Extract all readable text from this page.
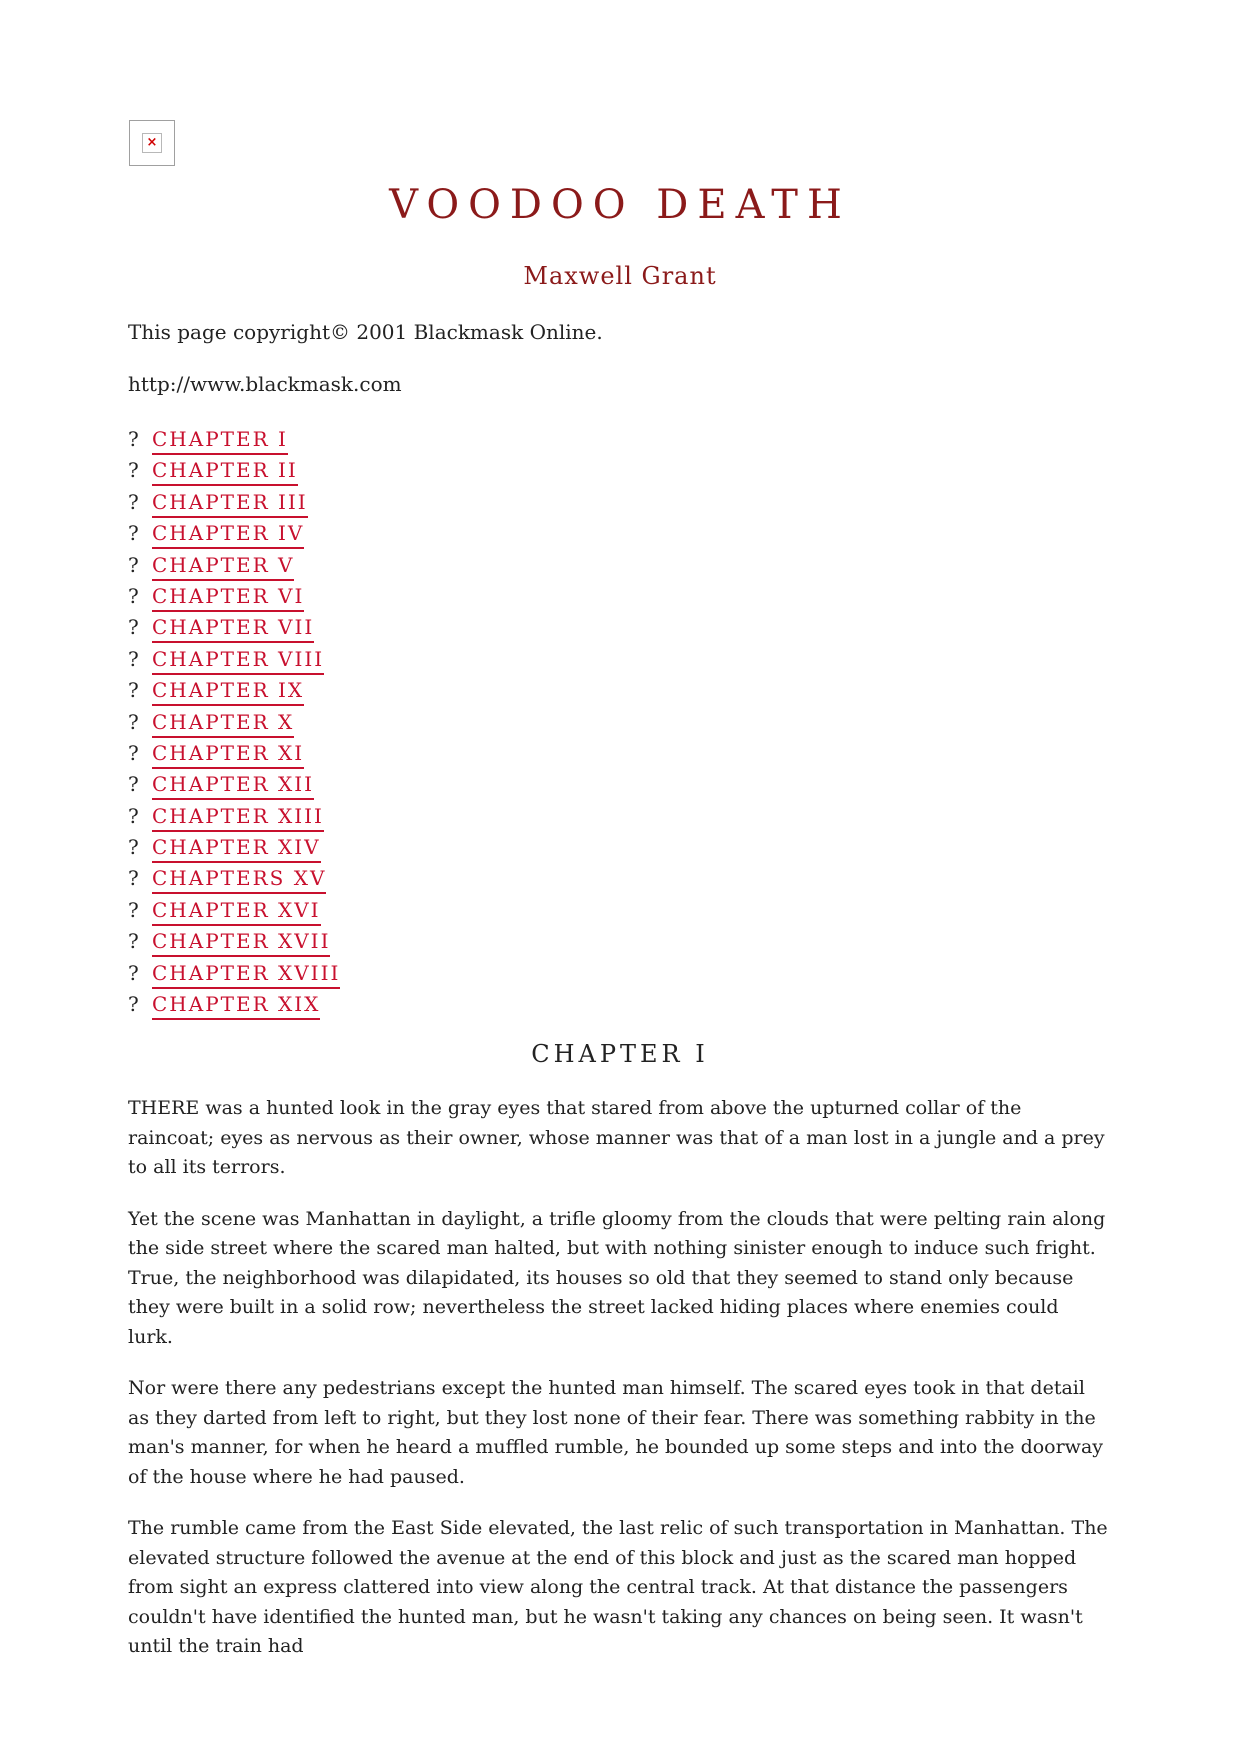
×
VOODOO DEATH
Maxwell Grant
This page copyright© 2001 Blackmask Online.
http://www.blackmask.com
? CHAPTER I
? CHAPTER II
? CHAPTER III
? CHAPTER IV
? CHAPTER V
? CHAPTER VI
? CHAPTER VII
? CHAPTER VIII
? CHAPTER IX
? CHAPTER X
? CHAPTER XI
? CHAPTER XII
? CHAPTER XIII
? CHAPTER XIV
? CHAPTERS XV
? CHAPTER XVI
? CHAPTER XVII
? CHAPTER XVIII
? CHAPTER XIX
CHAPTER I

THERE was a hunted look in the gray eyes that stared from above the upturned collar of the raincoat; eyes as nervous as their owner, whose manner was that of a man lost in a jungle and a prey to all its terrors.

Yet the scene was Manhattan in daylight, a trifle gloomy from the clouds that were pelting rain along the side street where the scared man halted, but with nothing sinister enough to induce such fright. True, the neighborhood was dilapidated, its houses so old that they seemed to stand only because they were built in a solid row; nevertheless the street lacked hiding places where enemies could lurk.

Nor were there any pedestrians except the hunted man himself. The scared eyes took in that detail as they darted from left to right, but they lost none of their fear. There was something rabbity in the man's manner, for when he heard a muffled rumble, he bounded up some steps and into the doorway of the house where he had paused.

The rumble came from the East Side elevated, the last relic of such transportation in Manhattan. The elevated structure followed the avenue at the end of this block and just as the scared man hopped from sight an express clattered into view along the central track. At that distance the passengers couldn't have identified the hunted man, but he wasn't taking any chances on being seen. It wasn't until the train had
